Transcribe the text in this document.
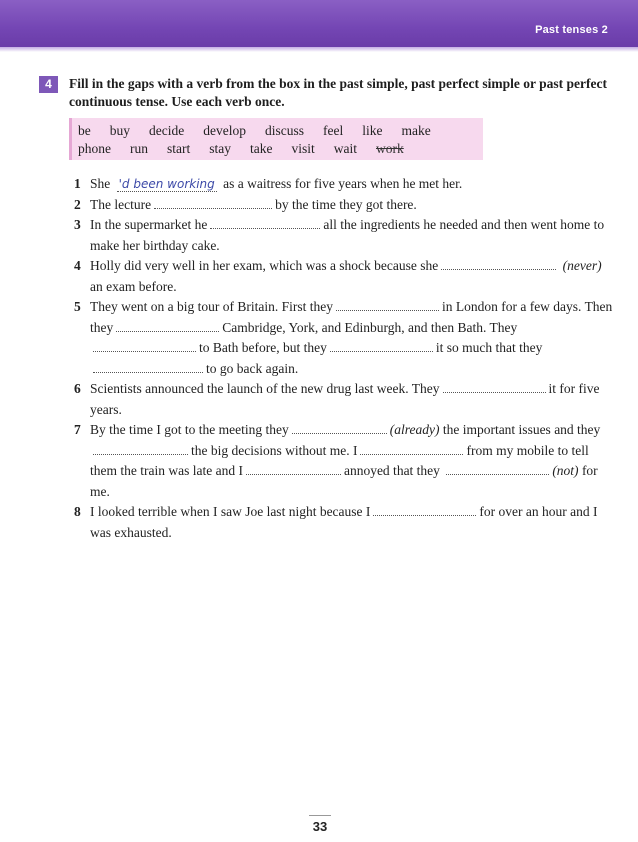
Past tenses 2
4	Fill in the gaps with a verb from the box in the past simple, past perfect simple or past perfect continuous tense. Use each verb once.
be buy decide develop discuss feel like make
phone run start stay take visit wait work
1 She 'd been working as a waitress for five years when he met her.
2 The lecture	by the time they got there.
3 In the supermarket he	all the ingredients he needed and then went home to make her birthday cake.
4 Holly did very well in her exam, which was a shock because she	(never) an exam before.
5 They went on a big tour of Britain. First they	in London for a few days. Then they	Cambridge, York, and Edinburgh, and then Bath. Theyto Bath before, but they	it so much that theyto go back again.
6 Scientists announced the launch of the new drug last week. They	it for five years.
7 By the time I got to the meeting they	(already) the important issues and theythe big decisions without me. I	from my mobile to tell them the train was late and I	annoyed that they	(not) for me.
8 I looked terrible when I saw Joe last night because I	for over an hour and I was exhausted.
33
